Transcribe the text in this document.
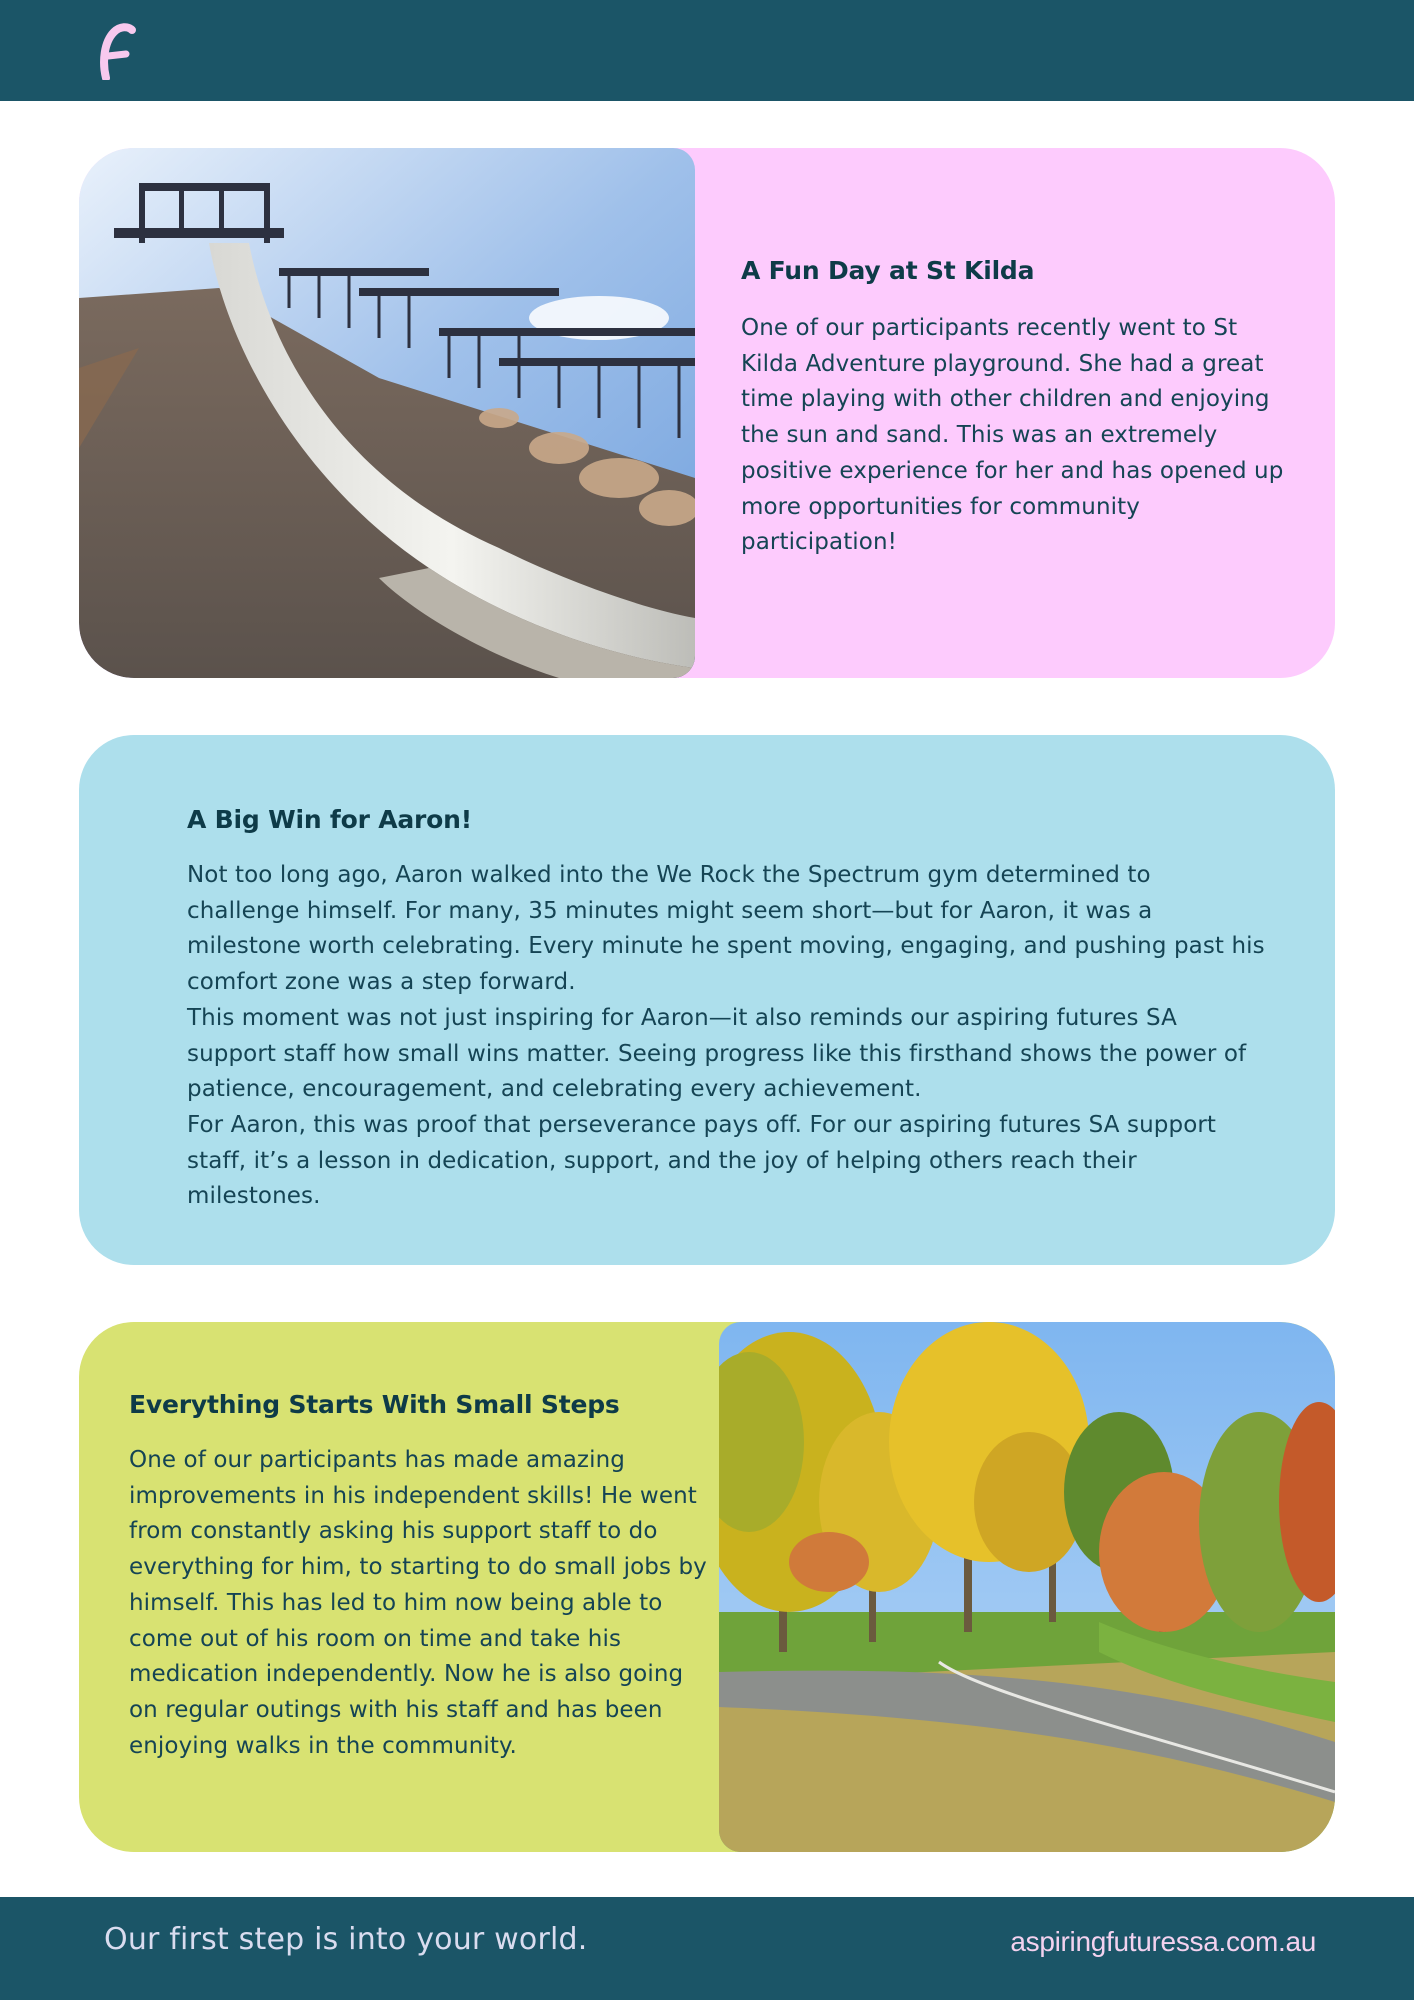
A Fun Day at St Kilda

One of our participants recently went to St Kilda Adventure playground. She had a great time playing with other children and enjoying the sun and sand. This was an extremely positive experience for her and has opened up more opportunities for community participation!

A Big Win for Aaron!

Not too long ago, Aaron walked into the We Rock the Spectrum gym determined to challenge himself. For many, 35 minutes might seem short—but for Aaron, it was a milestone worth celebrating. Every minute he spent moving, engaging, and pushing past his comfort zone was a step forward.

This moment was not just inspiring for Aaron—it also reminds our aspiring futures SA support staff how small wins matter. Seeing progress like this firsthand shows the power of patience, encouragement, and celebrating every achievement.

For Aaron, this was proof that perseverance pays off. For our aspiring futures SA support staff, it’s a lesson in dedication, support, and the joy of helping others reach their milestones.

Everything Starts With Small Steps

One of our participants has made amazing improvements in his independent skills! He went from constantly asking his support staff to do everything for him, to starting to do small jobs by himself. This has led to him now being able to come out of his room on time and take his medication independently. Now he is also going on regular outings with his staff and has been enjoying walks in the community.

Our first step is into your world.	aspiringfuturessa.com.au
